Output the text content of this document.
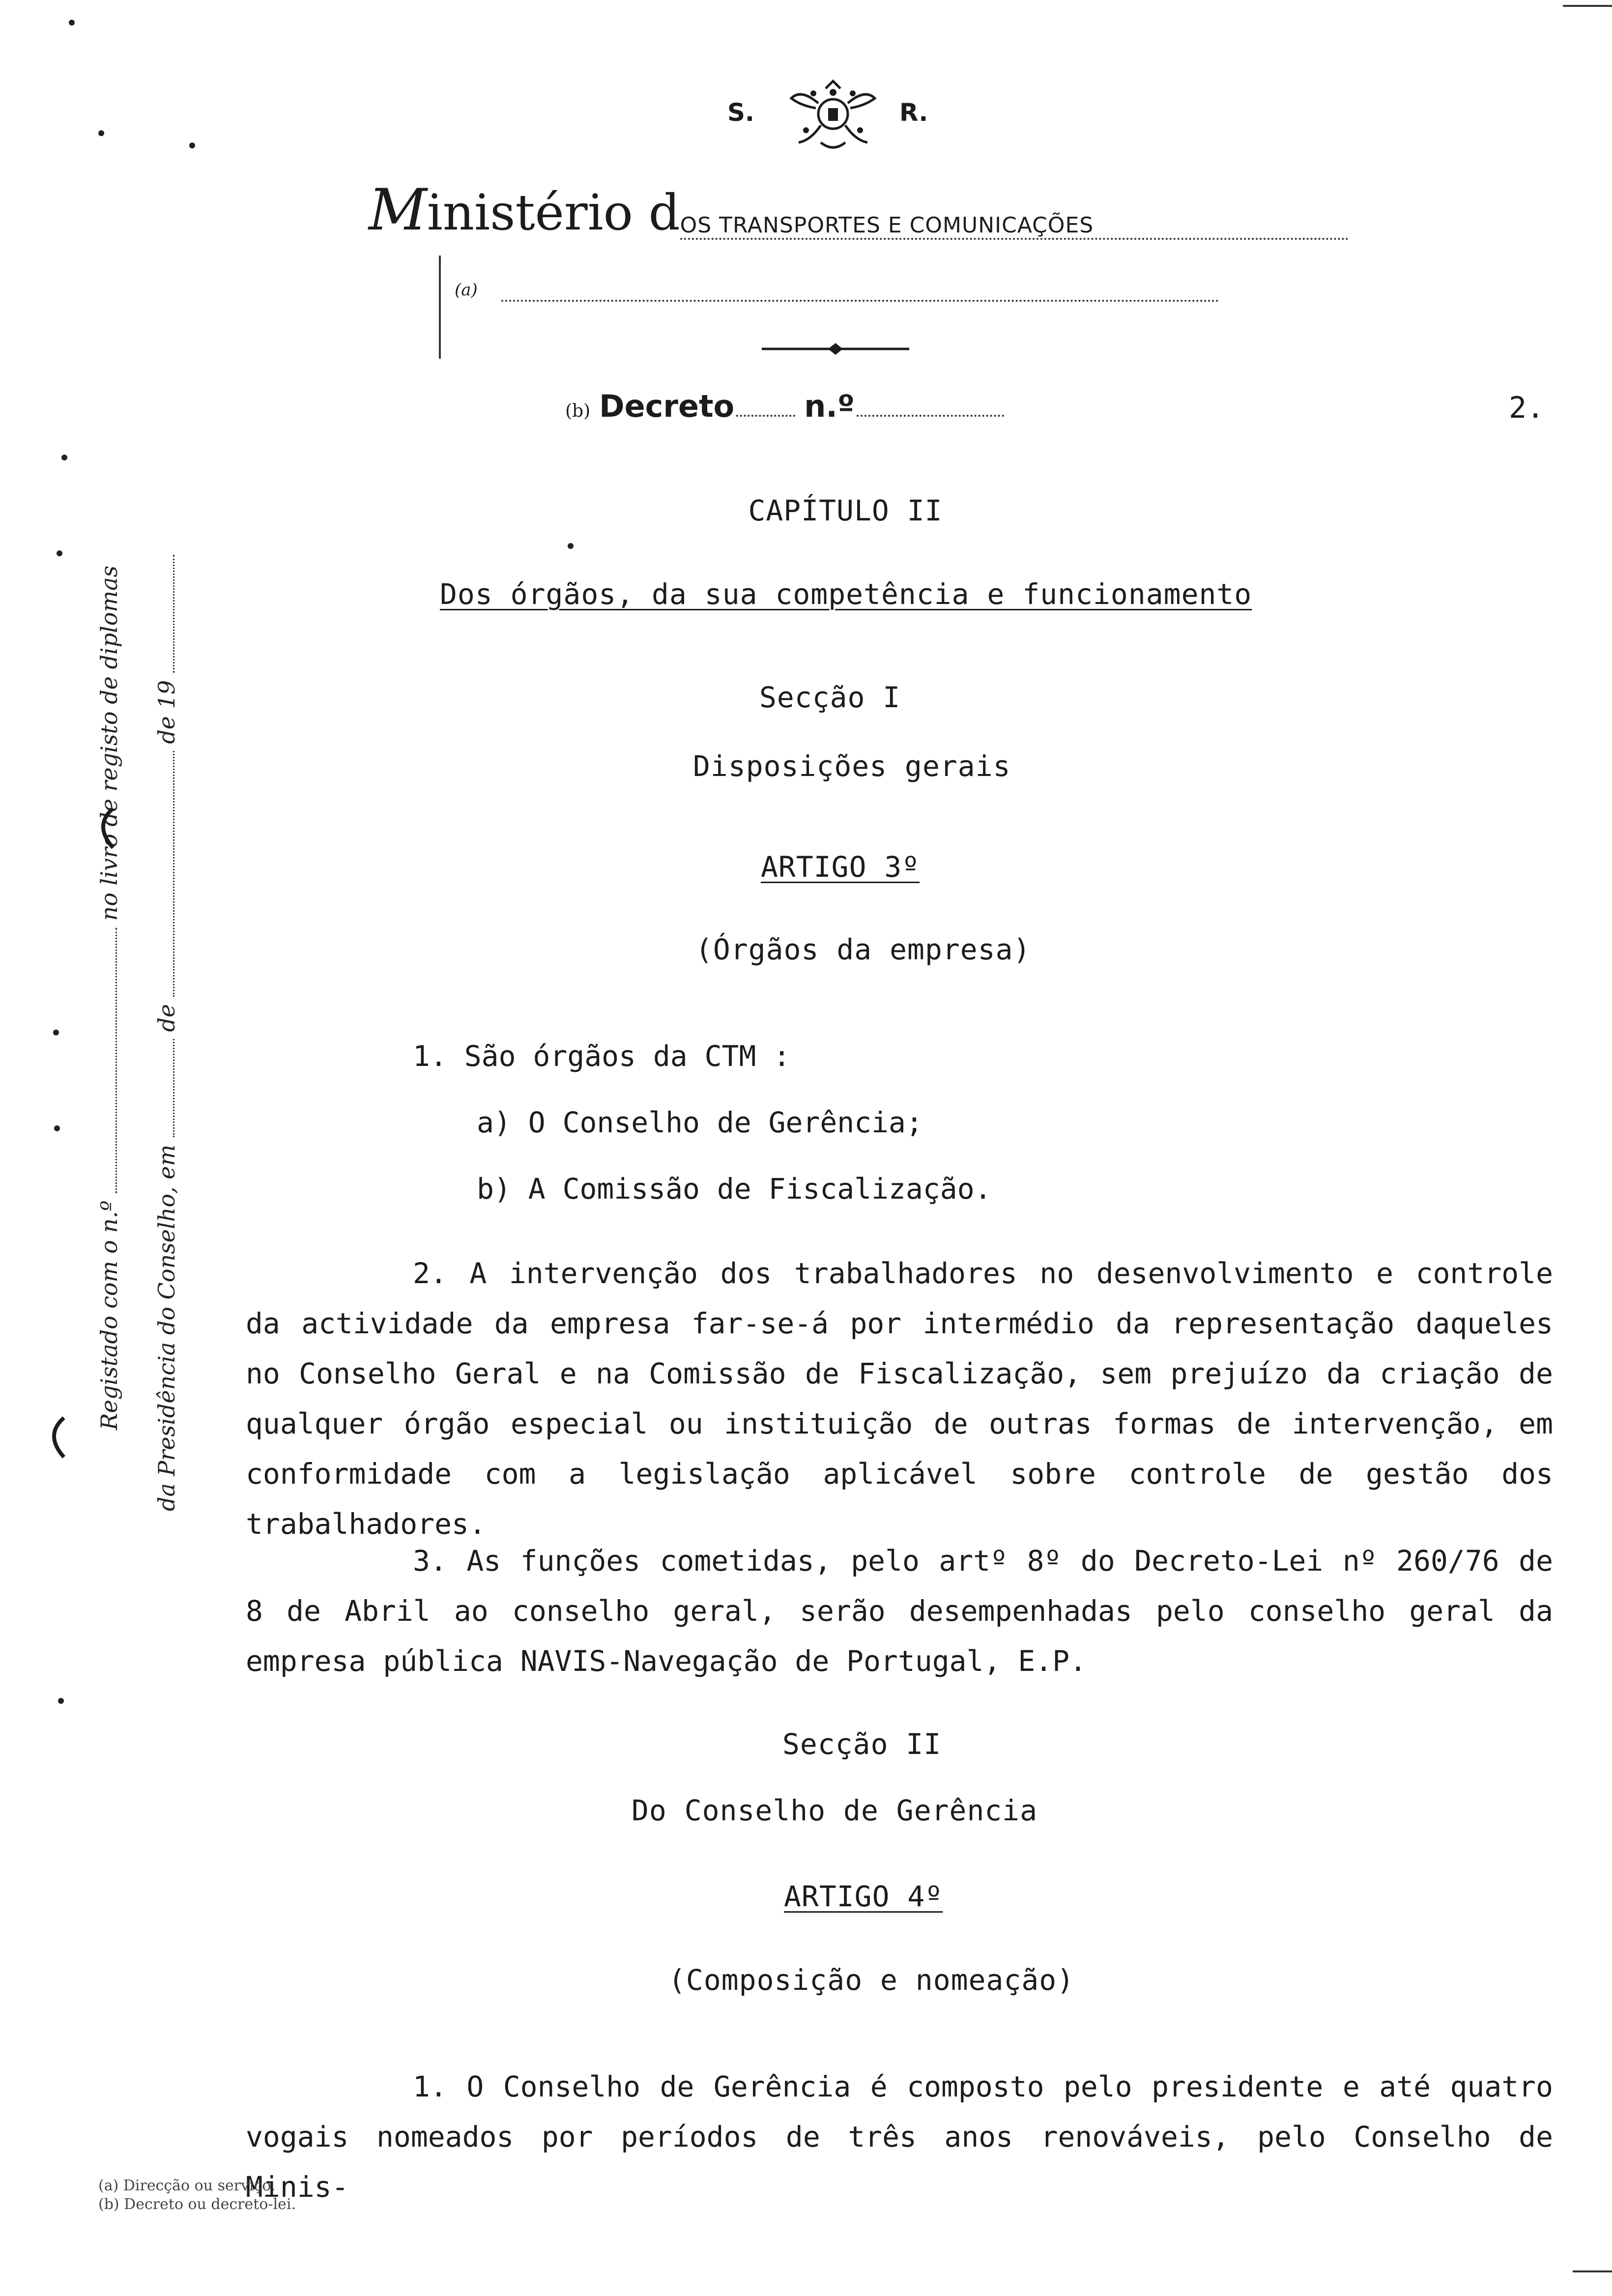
S.	R.
Ministério dOS TRANSPORTES E COMUNICAÇÕES
(a)
(b) Decreto n.º	2.
CAPÍTULO II
Dos órgãos, da sua competência e funcionamento
Secção I
Disposições gerais
ARTIGO 3º
(Órgãos da empresa)
1. São órgãos da CTM :
a) O Conselho de Gerência;
b) A Comissão de Fiscalização.
2. A intervenção dos trabalhadores no desenvolvimento e controle da actividade da empresa far-se-á por intermédio da representação daqueles no Conselho Geral e na Comissão de Fiscalização, sem prejuízo da criação de qualquer órgão especial ou instituição de outras formas de intervenção, em conformidade com a legislação aplicável sobre controle de gestão dos trabalhadores.
3. As funções cometidas, pelo artº 8º do Decreto-Lei nº 260/76 de 8 de Abril ao conselho geral, serão desempenhadas pelo conselho geral da empresa pública NAVIS-Navegação de Portugal, E.P.
Secção II
Do Conselho de Gerência
ARTIGO 4º
(Composição e nomeação)
1. O Conselho de Gerência é composto pelo presidente e até quatro vogais nomeados por períodos de três anos renováveis, pelo Conselho de Minis-
Registado com o n.º  no livro de registo de diplomas
da Presidência do Conselho, em  de  de 19
(a) Direcção ou serviço.
(b) Decreto ou decreto-lei.
